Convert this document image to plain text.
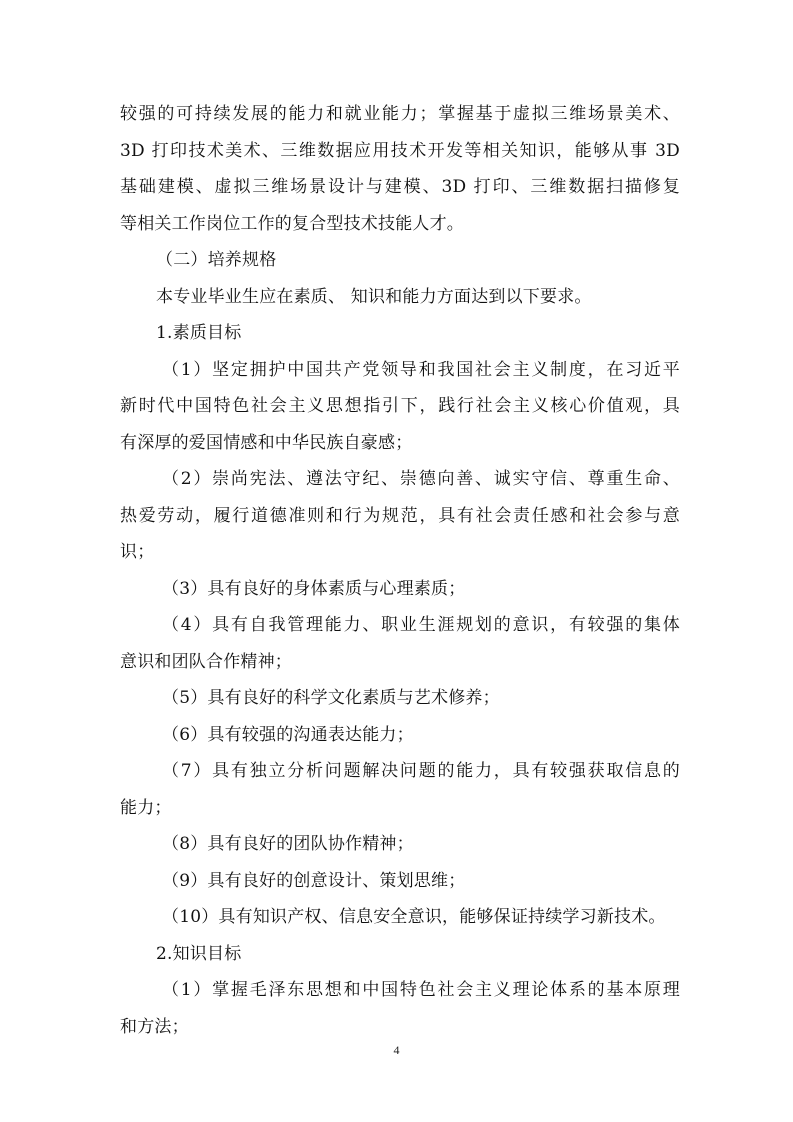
较强的可持续发展的能力和就业能力；掌握基于虚拟三维场景美术、
3D 打印技术美术、三维数据应用技术开发等相关知识，能够从事 3D
基础建模、虚拟三维场景设计与建模、3D 打印、三维数据扫描修复
等相关工作岗位工作的复合型技术技能人才。
（二）培养规格
本专业毕业生应在素质、 知识和能力方面达到以下要求。
1.素质目标
（1）坚定拥护中国共产党领导和我国社会主义制度，在习近平
新时代中国特色社会主义思想指引下，践行社会主义核心价值观，具
有深厚的爱国情感和中华民族自豪感；
（2）崇尚宪法、遵法守纪、崇德向善、诚实守信、尊重生命、
热爱劳动，履行道德准则和行为规范，具有社会责任感和社会参与意
识；
（3）具有良好的身体素质与心理素质；
（4）具有自我管理能力、职业生涯规划的意识，有较强的集体
意识和团队合作精神；
（5）具有良好的科学文化素质与艺术修养；
（6）具有较强的沟通表达能力；
（7）具有独立分析问题解决问题的能力，具有较强获取信息的
能力；
（8）具有良好的团队协作精神；
（9）具有良好的创意设计、策划思维；
（10）具有知识产权、信息安全意识，能够保证持续学习新技术。
2.知识目标
（1）掌握毛泽东思想和中国特色社会主义理论体系的基本原理
和方法；
4
